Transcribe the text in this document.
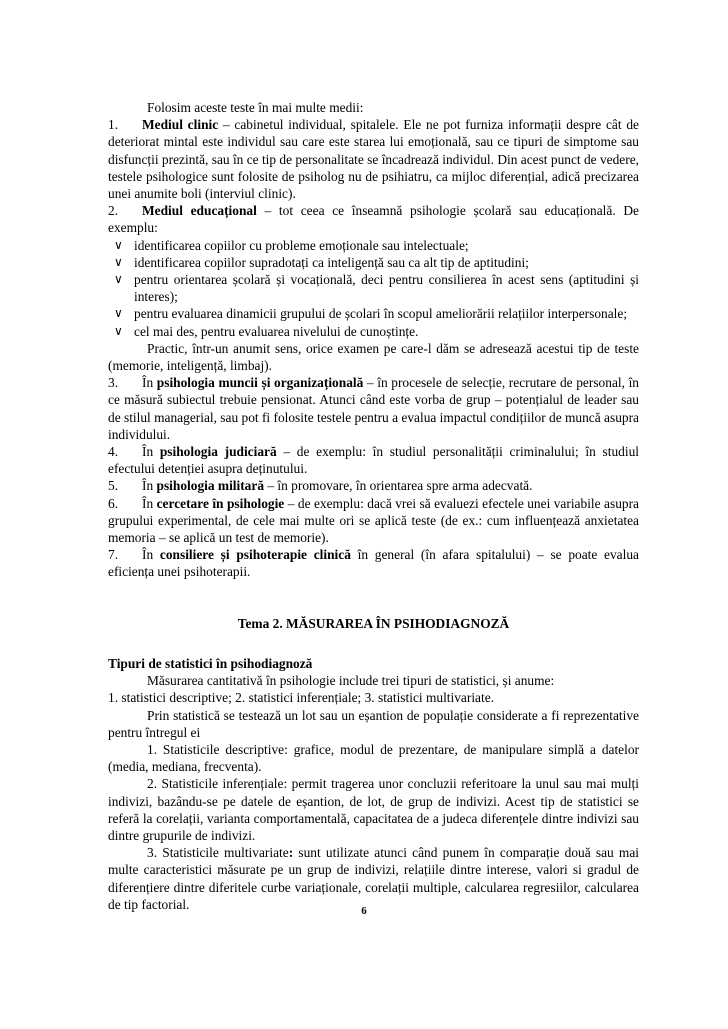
Folosim aceste teste în mai multe medii:

1. Mediul clinic – cabinetul individual, spitalele. Ele ne pot furniza informații despre cât de deteriorat mintal este individul sau care este starea lui emoțională, sau ce tipuri de simptome sau disfuncții prezintă, sau în ce tip de personalitate se încadrează individul. Din acest punct de vedere, testele psihologice sunt folosite de psiholog nu de psihiatru, ca mijloc diferențial, adică precizarea unei anumite boli (interviul clinic).

2. Mediul educațional – tot ceea ce înseamnă psihologie școlară sau educațională. De exemplu:

∨ identificarea copiilor cu probleme emoționale sau intelectuale;
∨ identificarea copiilor supradotați ca inteligență sau ca alt tip de aptitudini;
∨ pentru orientarea școlară și vocațională, deci pentru consilierea în acest sens (aptitudini și interes);
∨ pentru evaluarea dinamicii grupului de școlari în scopul ameliorării relațiilor interpersonale;
∨ cel mai des, pentru evaluarea nivelului de cunoștințe.

Practic, într-un anumit sens, orice examen pe care-l dăm se adresează acestui tip de teste (memorie, inteligență, limbaj).

3. În psihologia muncii și organizațională – în procesele de selecție, recrutare de personal, în ce măsură subiectul trebuie pensionat. Atunci când este vorba de grup – potențialul de leader sau de stilul managerial, sau pot fi folosite testele pentru a evalua impactul condițiilor de muncă asupra individului.

4. În psihologia judiciară – de exemplu: în studiul personalității criminalului; în studiul efectului detenției asupra deținutului.

5. În psihologia militară – în promovare, în orientarea spre arma adecvată.

6. În cercetare în psihologie – de exemplu: dacă vrei să evaluezi efectele unei variabile asupra grupului experimental, de cele mai multe ori se aplică teste (de ex.: cum influențează anxietatea memoria – se aplică un test de memorie).

7. În consiliere și psihoterapie clinică în general (în afara spitalului) – se poate evalua eficiența unei psihoterapii.

Tema 2. MĂSURAREA ÎN PSIHODIAGNOZĂ

Tipuri de statistici în psihodiagnoză

Măsurarea cantitativă în psihologie include trei tipuri de statistici, și anume:

1. statistici descriptive; 2. statistici inferențiale; 3. statistici multivariate.

Prin statistică se testează un lot sau un eșantion de populație considerate a fi reprezentative pentru întregul ei

1. Statisticile descriptive: grafice, modul de prezentare, de manipulare simplă a datelor (media, mediana, frecventa).

2. Statisticile inferențiale: permit tragerea unor concluzii referitoare la unul sau mai mulți indivizi, bazându-se pe datele de eșantion, de lot, de grup de indivizi. Acest tip de statistici se referă la corelații, varianta comportamentală, capacitatea de a judeca diferențele dintre indivizi sau dintre grupurile de indivizi.

3. Statisticile multivariate: sunt utilizate atunci când punem în comparație două sau mai multe caracteristici măsurate pe un grup de indivizi, relațiile dintre interese, valori si gradul de diferențiere dintre diferitele curbe variaționale, corelații multiple, calcularea regresiilor, calcularea de tip factorial.	6
